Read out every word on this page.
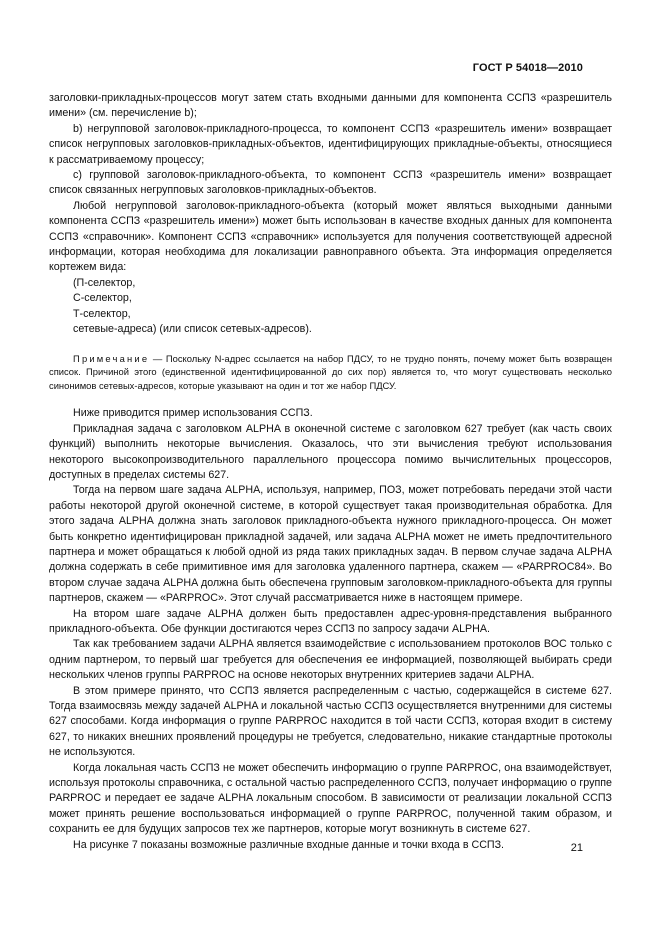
ГОСТ Р 54018—2010

заголовки-прикладных-процессов могут затем стать входными данными для компонента ССПЗ «разрешитель имени» (см. перечисление b);

b) негрупповой заголовок-прикладного-процесса, то компонент ССПЗ «разрешитель имени» возвращает список негрупповых заголовков-прикладных-объектов, идентифицирующих прикладные-объекты, относящиеся к рассматриваемому процессу;

с) групповой заголовок-прикладного-объекта, то компонент ССПЗ «разрешитель имени» возвращает список связанных негрупповых заголовков-прикладных-объектов.

Любой негрупповой заголовок-прикладного-объекта (который может являться выходными данными компонента ССПЗ «разрешитель имени») может быть использован в качестве входных данных для компонента ССПЗ «справочник». Компонент ССПЗ «справочник» используется для получения соответствующей адресной информации, которая необходима для локализации равноправного объекта. Эта информация определяется кортежем вида:

(П-селектор,

С-селектор,

Т-селектор,

сетевые-адреса) (или список сетевых-адресов).

Примечание — Поскольку N-адрес ссылается на набор ПДСУ, то не трудно понять, почему может быть возвращен список. Причиной этого (единственной идентифицированной до сих пор) является то, что могут существовать несколько синонимов сетевых-адресов, которые указывают на один и тот же набор ПДСУ.

Ниже приводится пример использования ССПЗ.

Прикладная задача с заголовком ALPHA в оконечной системе с заголовком 627 требует (как часть своих функций) выполнить некоторые вычисления. Оказалось, что эти вычисления требуют использования некоторого высокопроизводительного параллельного процессора помимо вычислительных процессоров, доступных в пределах системы 627.

Тогда на первом шаге задача ALPHA, используя, например, ПОЗ, может потребовать передачи этой части работы некоторой другой оконечной системе, в которой существует такая производительная обработка. Для этого задача ALPHA должна знать заголовок прикладного-объекта нужного прикладного-процесса. Он может быть конкретно идентифицирован прикладной задачей, или задача ALPHA может не иметь предпочтительного партнера и может обращаться к любой одной из ряда таких прикладных задач. В первом случае задача ALPHA должна содержать в себе примитивное имя для заголовка удаленного партнера, скажем — «PARPROC84». Во втором случае задача ALPHA должна быть обеспечена групповым заголовком-прикладного-объекта для группы партнеров, скажем — «PARPROC». Этот случай рассматривается ниже в настоящем примере.

На втором шаге задаче ALPHA должен быть предоставлен адрес-уровня-представления выбранного прикладного-объекта. Обе функции достигаются через ССПЗ по запросу задачи ALPHA.

Так как требованием задачи ALPHA является взаимодействие с использованием протоколов ВОС только с одним партнером, то первый шаг требуется для обеспечения ее информацией, позволяющей выбирать среди нескольких членов группы PARPROC на основе некоторых внутренних критериев задачи ALPHA.

В этом примере принято, что ССПЗ является распределенным с частью, содержащейся в системе 627. Тогда взаимосвязь между задачей ALPHA и локальной частью ССПЗ осуществляется внутренними для системы 627 способами. Когда информация о группе PARPROC находится в той части ССПЗ, которая входит в систему 627, то никаких внешних проявлений процедуры не требуется, следовательно, никакие стандартные протоколы не используются.

Когда локальная часть ССПЗ не может обеспечить информацию о группе PARPROC, она взаимодействует, используя протоколы справочника, с остальной частью распределенного ССПЗ, получает информацию о группе PARPROC и передает ее задаче ALPHA локальным способом. В зависимости от реализации локальной ССПЗ может принять решение воспользоваться информацией о группе PARPROC, полученной таким образом, и сохранить ее для будущих запросов тех же партнеров, которые могут возникнуть в системе 627.

На рисунке 7 показаны возможные различные входные данные и точки входа в ССПЗ.	21
